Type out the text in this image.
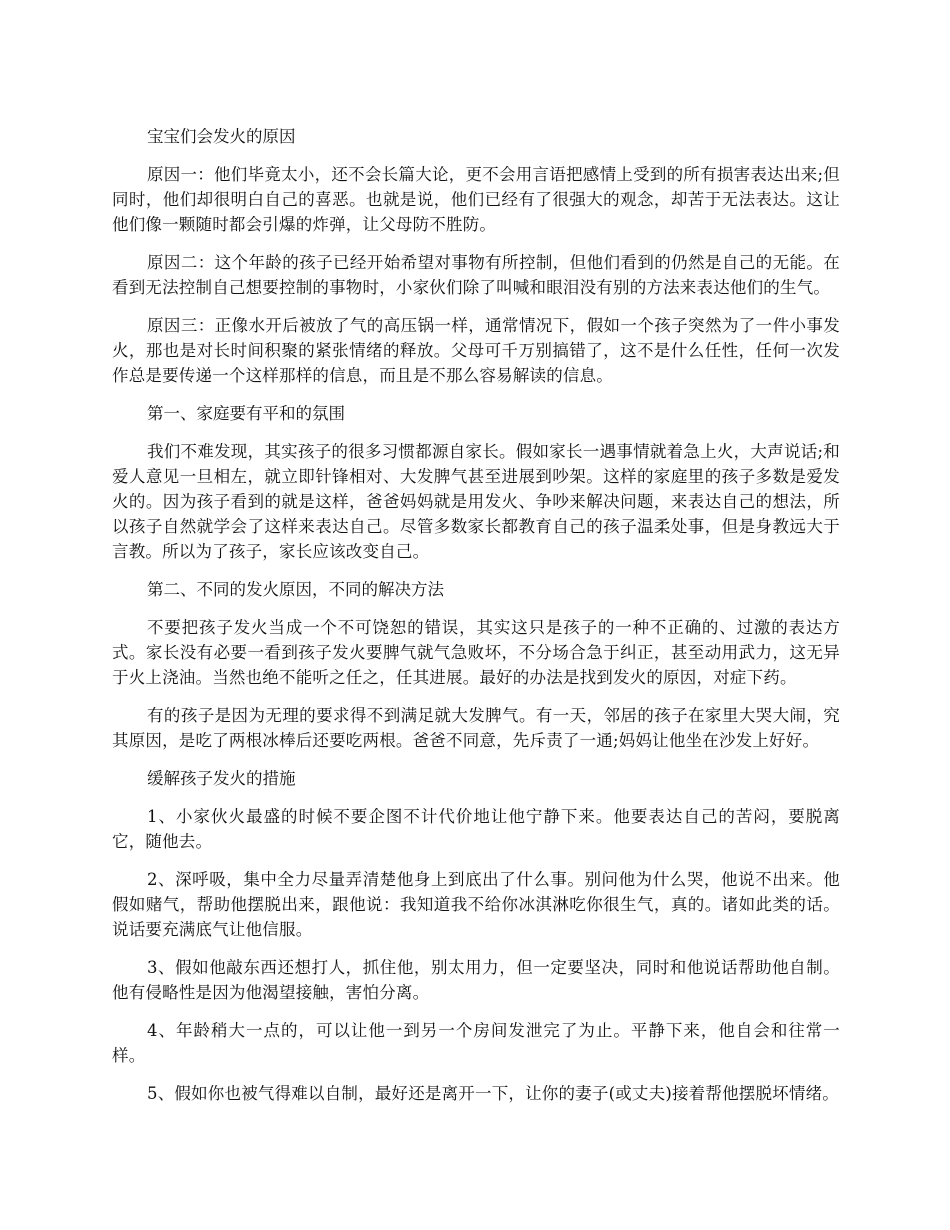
宝宝们会发火的原因

原因一：他们毕竟太小，还不会长篇大论，更不会用言语把感情上受到的所有损害表达出来;但同时，他们却很明白自己的喜恶。也就是说，他们已经有了很强大的观念，却苦于无法表达。这让他们像一颗随时都会引爆的炸弹，让父母防不胜防。

原因二：这个年龄的孩子已经开始希望对事物有所控制，但他们看到的仍然是自己的无能。在看到无法控制自己想要控制的事物时，小家伙们除了叫喊和眼泪没有别的方法来表达他们的生气。

原因三：正像水开后被放了气的高压锅一样，通常情况下，假如一个孩子突然为了一件小事发火，那也是对长时间积聚的紧张情绪的释放。父母可千万别搞错了，这不是什么任性，任何一次发作总是要传递一个这样那样的信息，而且是不那么容易解读的信息。

第一、家庭要有平和的氛围

我们不难发现，其实孩子的很多习惯都源自家长。假如家长一遇事情就着急上火，大声说话;和爱人意见一旦相左，就立即针锋相对、大发脾气甚至进展到吵架。这样的家庭里的孩子多数是爱发火的。因为孩子看到的就是这样，爸爸妈妈就是用发火、争吵来解决问题，来表达自己的想法，所以孩子自然就学会了这样来表达自己。尽管多数家长都教育自己的孩子温柔处事，但是身教远大于言教。所以为了孩子，家长应该改变自己。

第二、不同的发火原因，不同的解决方法

不要把孩子发火当成一个不可饶恕的错误，其实这只是孩子的一种不正确的、过激的表达方式。家长没有必要一看到孩子发火要脾气就气急败坏，不分场合急于纠正，甚至动用武力，这无异于火上浇油。当然也绝不能听之任之，任其进展。最好的办法是找到发火的原因，对症下药。

有的孩子是因为无理的要求得不到满足就大发脾气。有一天，邻居的孩子在家里大哭大闹，究其原因，是吃了两根冰棒后还要吃两根。爸爸不同意，先斥责了一通;妈妈让他坐在沙发上好好。

缓解孩子发火的措施

1、小家伙火最盛的时候不要企图不计代价地让他宁静下来。他要表达自己的苦闷，要脱离它，随他去。

2、深呼吸，集中全力尽量弄清楚他身上到底出了什么事。别问他为什么哭，他说不出来。他假如赌气，帮助他摆脱出来，跟他说：我知道我不给你冰淇淋吃你很生气，真的。诸如此类的话。说话要充满底气让他信服。

3、假如他敲东西还想打人，抓住他，别太用力，但一定要坚决，同时和他说话帮助他自制。他有侵略性是因为他渴望接触，害怕分离。

4、年龄稍大一点的，可以让他一到另一个房间发泄完了为止。平静下来，他自会和往常一样。

5、假如你也被气得难以自制，最好还是离开一下，让你的妻子(或丈夫)接着帮他摆脱坏情绪。
